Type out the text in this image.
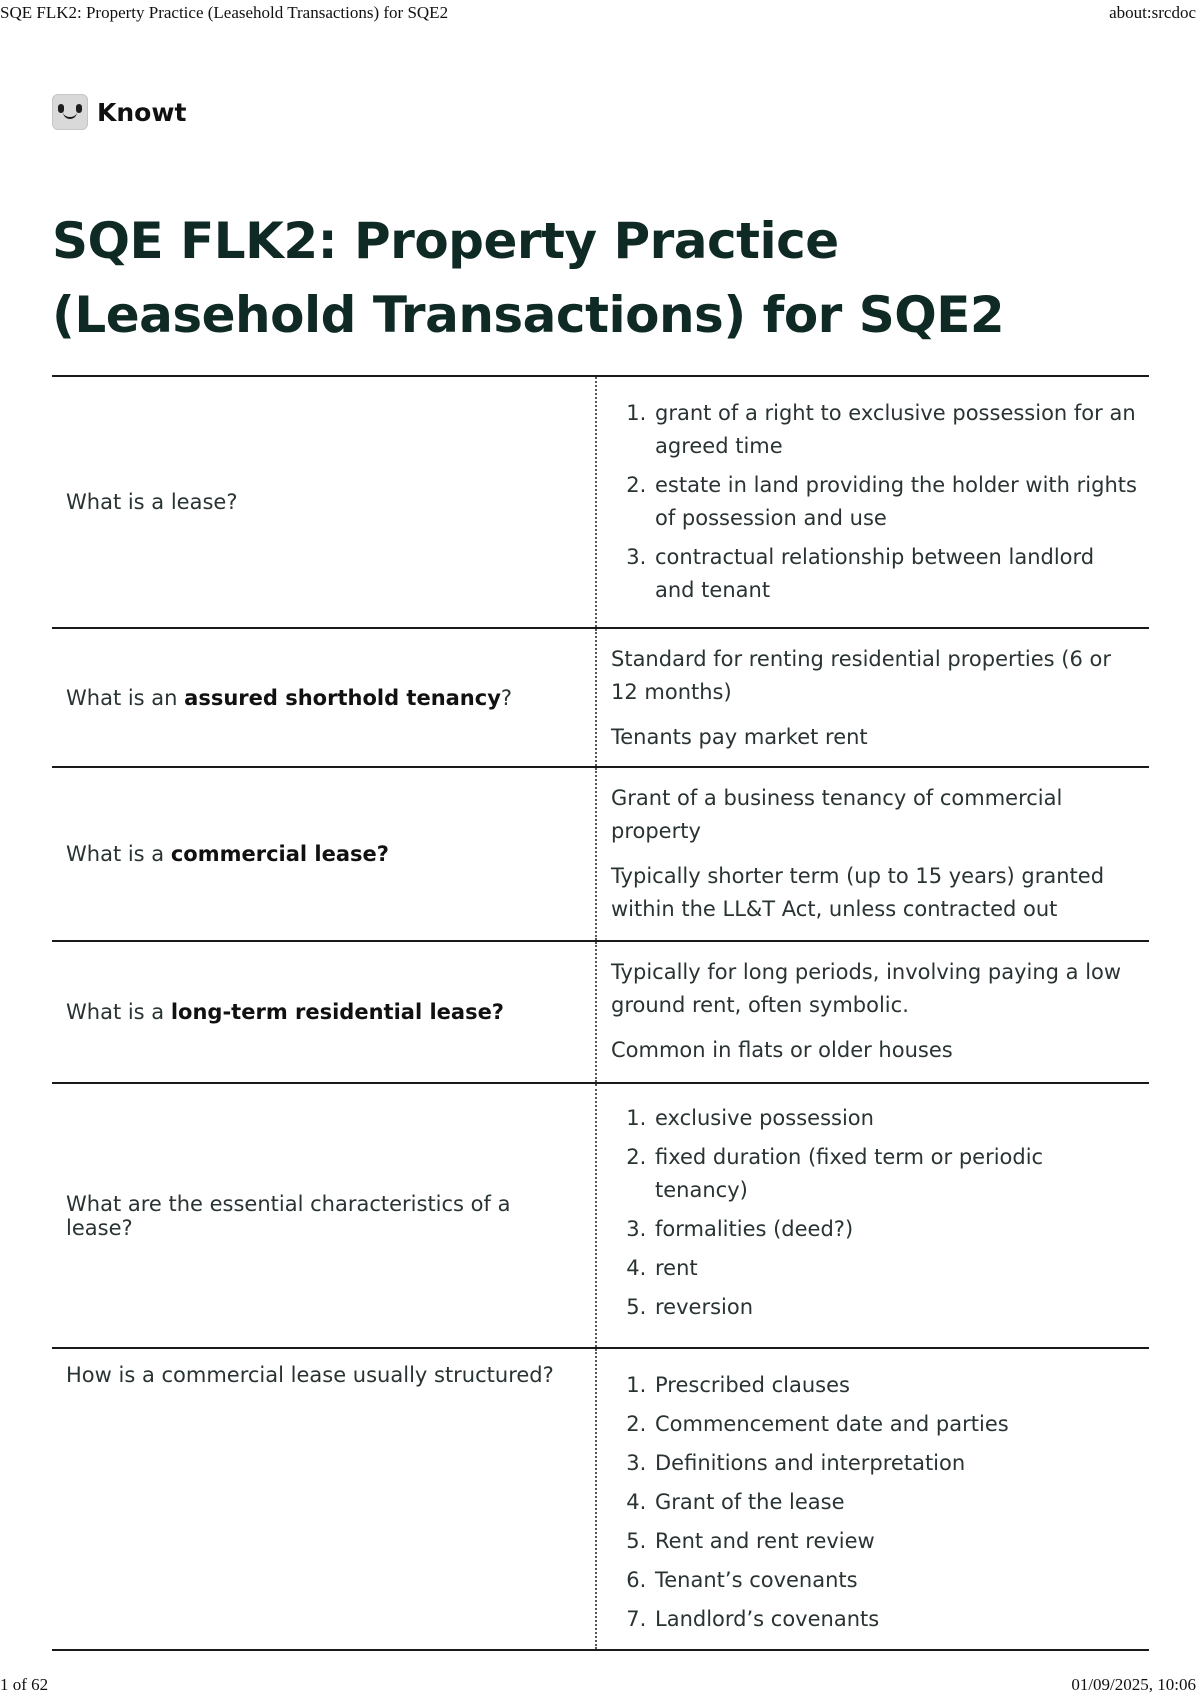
SQE FLK2: Property Practice (Leasehold Transactions) for SQE2	about:srcdoc
Knowt
SQE FLK2: Property Practice (Leasehold Transactions) for SQE2
What is a lease?
1. grant of a right to exclusive possession for an agreed time
2. estate in land providing the holder with rights of possession and use
3. contractual relationship between landlord and tenant
What is an assured shorthold tenancy?

Standard for renting residential properties (6 or 12 months)

Tenants pay market rent

What is a commercial lease?

Grant of a business tenancy of commercial property

Typically shorter term (up to 15 years) granted within the LL&T Act, unless contracted out

What is a long-term residential lease?

Typically for long periods, involving paying a low ground rent, often symbolic.

Common in flats or older houses

What are the essential characteristics of a lease?
1. exclusive possession
2. fixed duration (fixed term or periodic tenancy)
3. formalities (deed?)
4. rent
5. reversion
How is a commercial lease usually structured?
1.	Prescribed clauses
2. Commencement date and parties
3. Definitions and interpretation
4. Grant of the lease
5. Rent and rent review
6. Tenant’s covenants
7. Landlord’s covenants
1 of 62	01/09/2025, 10:06
